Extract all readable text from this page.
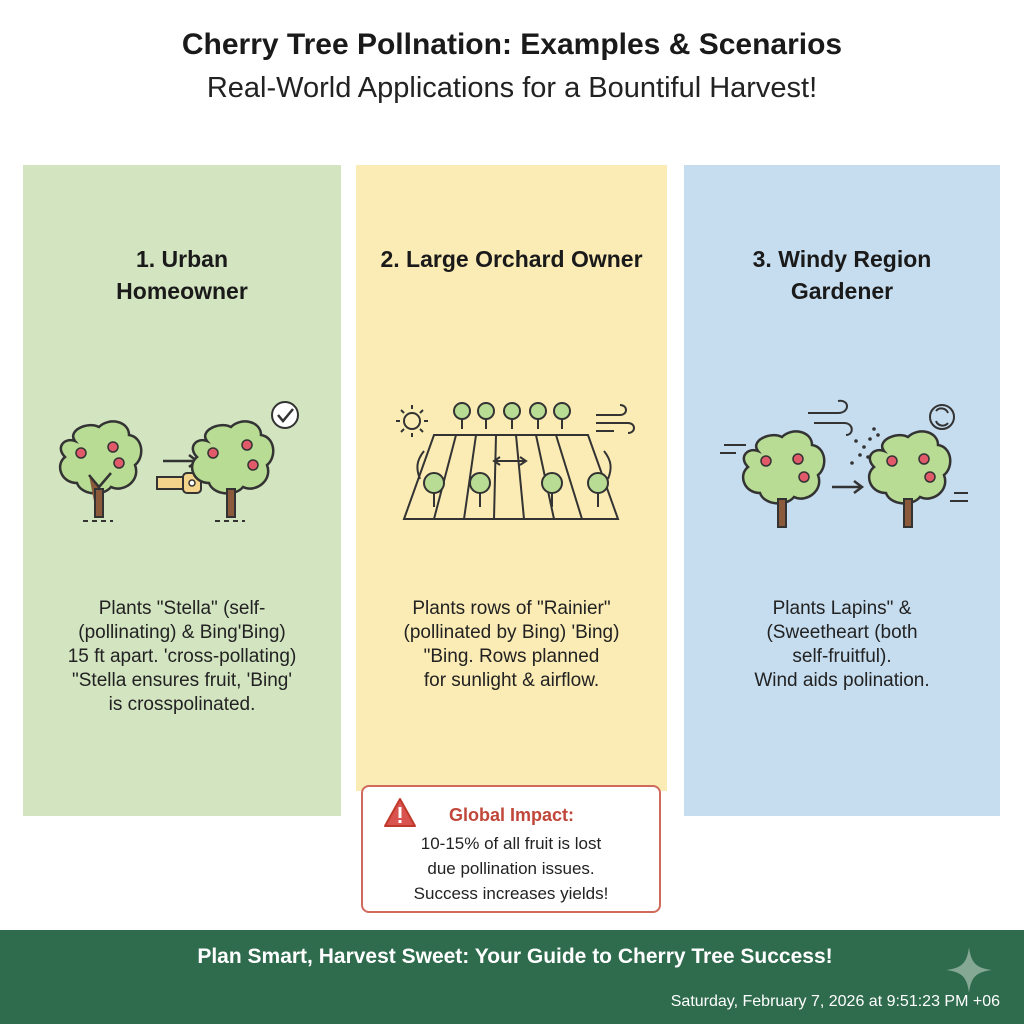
Cherry Tree Pollnation: Examples & Scenarios
Real-World Applications for a Bountiful Harvest!
1. Urban
Homeowner
Plants "Stella" (self-
(pollinating) & Bing'Bing)
15 ft apart. 'cross-pollating)
"Stella ensures fruit, 'Bing'
is crosspolinated.
2. Large Orchard Owner
Plants rows of "Rainier"
(pollinated by Bing) 'Bing)
"Bing. Rows planned
for sunlight & airflow.
3. Windy Region
Gardener
Plants Lapins" &
(Sweetheart (both
self-fruitful).
Wind aids polination.
Global Impact:
10-15% of all fruit is lost
due pollination issues.
Success increases yields!
Plan Smart, Harvest Sweet: Your Guide to Cherry Tree Success!
Saturday, February 7, 2026 at 9:51:23 PM +06
